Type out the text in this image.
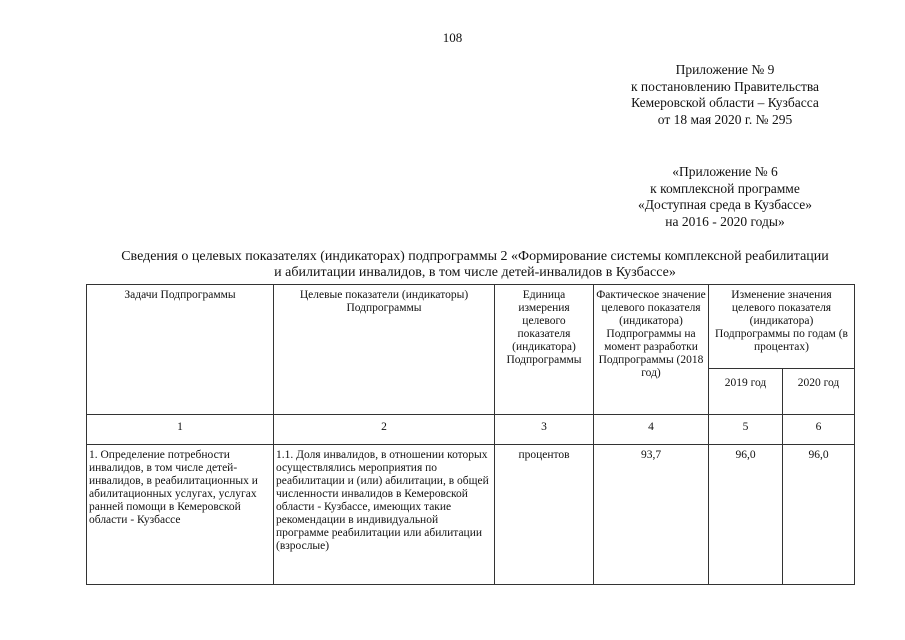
108
Приложение № 9
к постановлению Правительства
Кемеровской области – Кузбасса
от 18 мая 2020 г. № 295
«Приложение № 6
к комплексной программе
«Доступная среда в Кузбассе»
на 2016 - 2020 годы»
Сведения о целевых показателях (индикаторах) подпрограммы 2 «Формирование системы комплексной реабилитации
и абилитации инвалидов, в том числе детей-инвалидов в Кузбассе»
Задачи Подпрограммы	Целевые показатели (индикаторы) Подпрограммы	Единица измерения целевого показателя (индикатора) Подпрограммы	Фактическое значение целевого показателя (индикатора) Подпрограммы на момент разработки Подпрограммы (2018 год)	Изменение значения целевого показателя (индикатора) Подпрограммы по годам (в процентах)	
				2019 год	2020 год
1	2	3	4	5	6
1. Определение потребности инвалидов, в том числе детей-инвалидов, в реабилитационных и абилитационных услугах, услугах ранней помощи в Кемеровской области - Кузбассе	1.1. Доля инвалидов, в отношении которых осуществлялись мероприятия по реабилитации и (или) абилитации, в общей численности инвалидов в Кемеровской области - Кузбассе, имеющих такие рекомендации в индивидуальной программе реабилитации или абилитации (взрослые)	процентов	93,7	96,0	96,0
